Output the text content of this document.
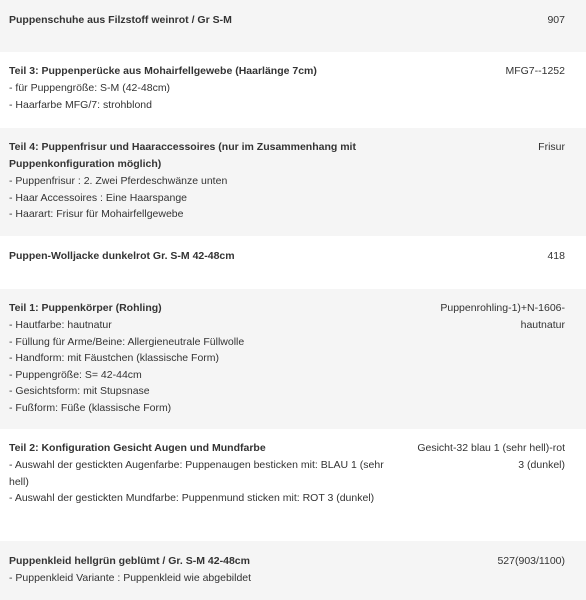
Puppenschuhe aus Filzstoff weinrot / Gr S-M	907
Teil 3: Puppenperücke aus Mohairfellgewebe (Haarlänge 7cm)
- für Puppengröße: S-M (42-48cm)
- Haarfarbe MFG/7: strohblond
MFG7--1252
Teil 4: Puppenfrisur und Haaraccessoires (nur im Zusammenhang mit Puppenkonfiguration möglich)
- Puppenfrisur : 2. Zwei Pferdeschwänze unten
- Haar Accessoires : Eine Haarspange
- Haarart: Frisur für Mohairfellgewebe
Frisur
Puppen-Wolljacke dunkelrot Gr. S-M 42-48cm	418
Teil 1: Puppenkörper (Rohling)
- Hautfarbe: hautnatur
- Füllung für Arme/Beine: Allergieneutrale Füllwolle
- Handform: mit Fäustchen (klassische Form)
- Puppengröße: S= 42-44cm
- Gesichtsform: mit Stupsnase
- Fußform: Füße (klassische Form)
Puppenrohling-1)+N-1606-hautnatur
Teil 2: Konfiguration Gesicht Augen und Mundfarbe
- Auswahl der gestickten Augenfarbe: Puppenaugen besticken mit: BLAU 1 (sehr hell)
- Auswahl der gestickten Mundfarbe: Puppenmund sticken mit: ROT 3 (dunkel)
Gesicht-32 blau 1 (sehr hell)-rot 3 (dunkel)
Puppenkleid hellgrün geblümt / Gr. S-M 42-48cm
- Puppenkleid Variante : Puppenkleid wie abgebildet
527(903/1100)
